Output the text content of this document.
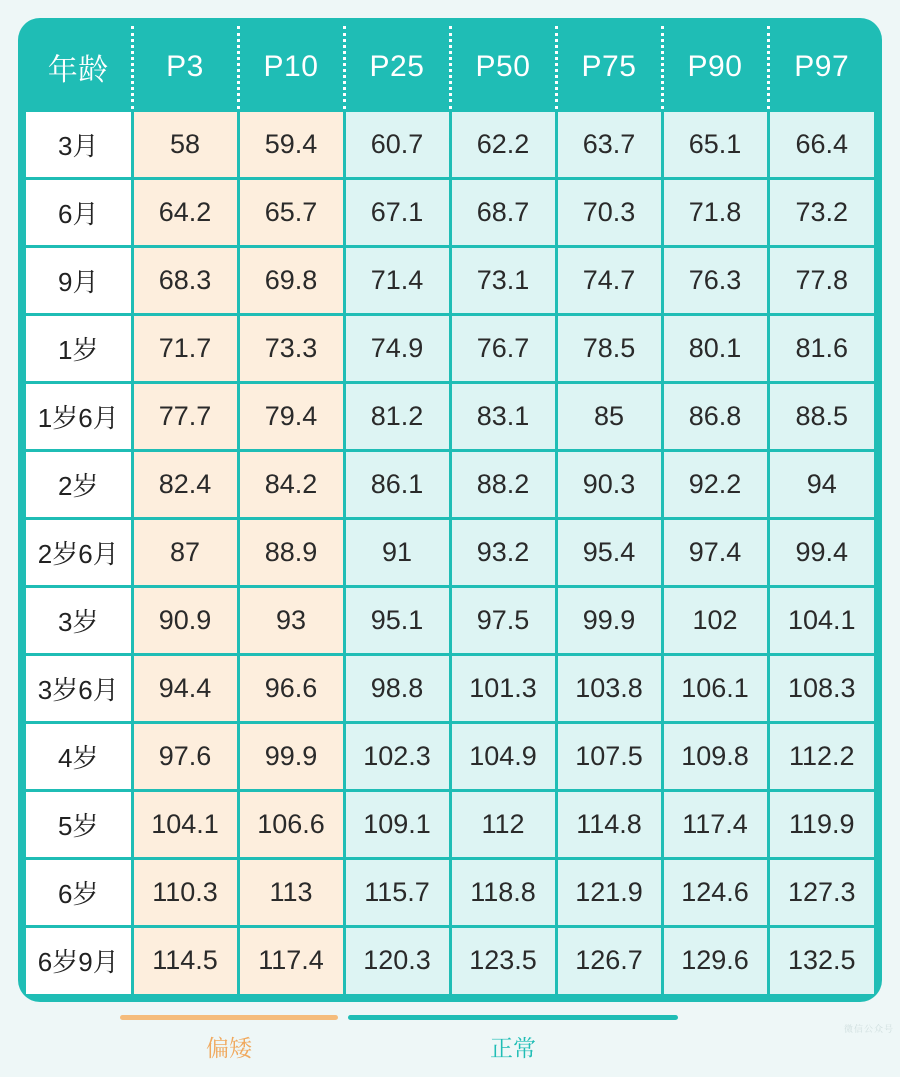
年龄	P3	P10	P25	P50	P75	P90	P97
3月	58	59.4	60.7	62.2	63.7	65.1	66.4
6月	64.2	65.7	67.1	68.7	70.3	71.8	73.2
9月	68.3	69.8	71.4	73.1	74.7	76.3	77.8
1岁	71.7	73.3	74.9	76.7	78.5	80.1	81.6
1岁6月	77.7	79.4	81.2	83.1	85	86.8	88.5
2岁	82.4	84.2	86.1	88.2	90.3	92.2	94
2岁6月	87	88.9	91	93.2	95.4	97.4	99.4
3岁	90.9	93	95.1	97.5	99.9	102	104.1
3岁6月	94.4	96.6	98.8	101.3	103.8	106.1	108.3
4岁	97.6	99.9	102.3	104.9	107.5	109.8	112.2
5岁	104.1	106.6	109.1	112	114.8	117.4	119.9
6岁	110.3	113	115.7	118.8	121.9	124.6	127.3
6岁9月	114.5	117.4	120.3	123.5	126.7	129.6	132.5
偏矮	正常
微信公众号
